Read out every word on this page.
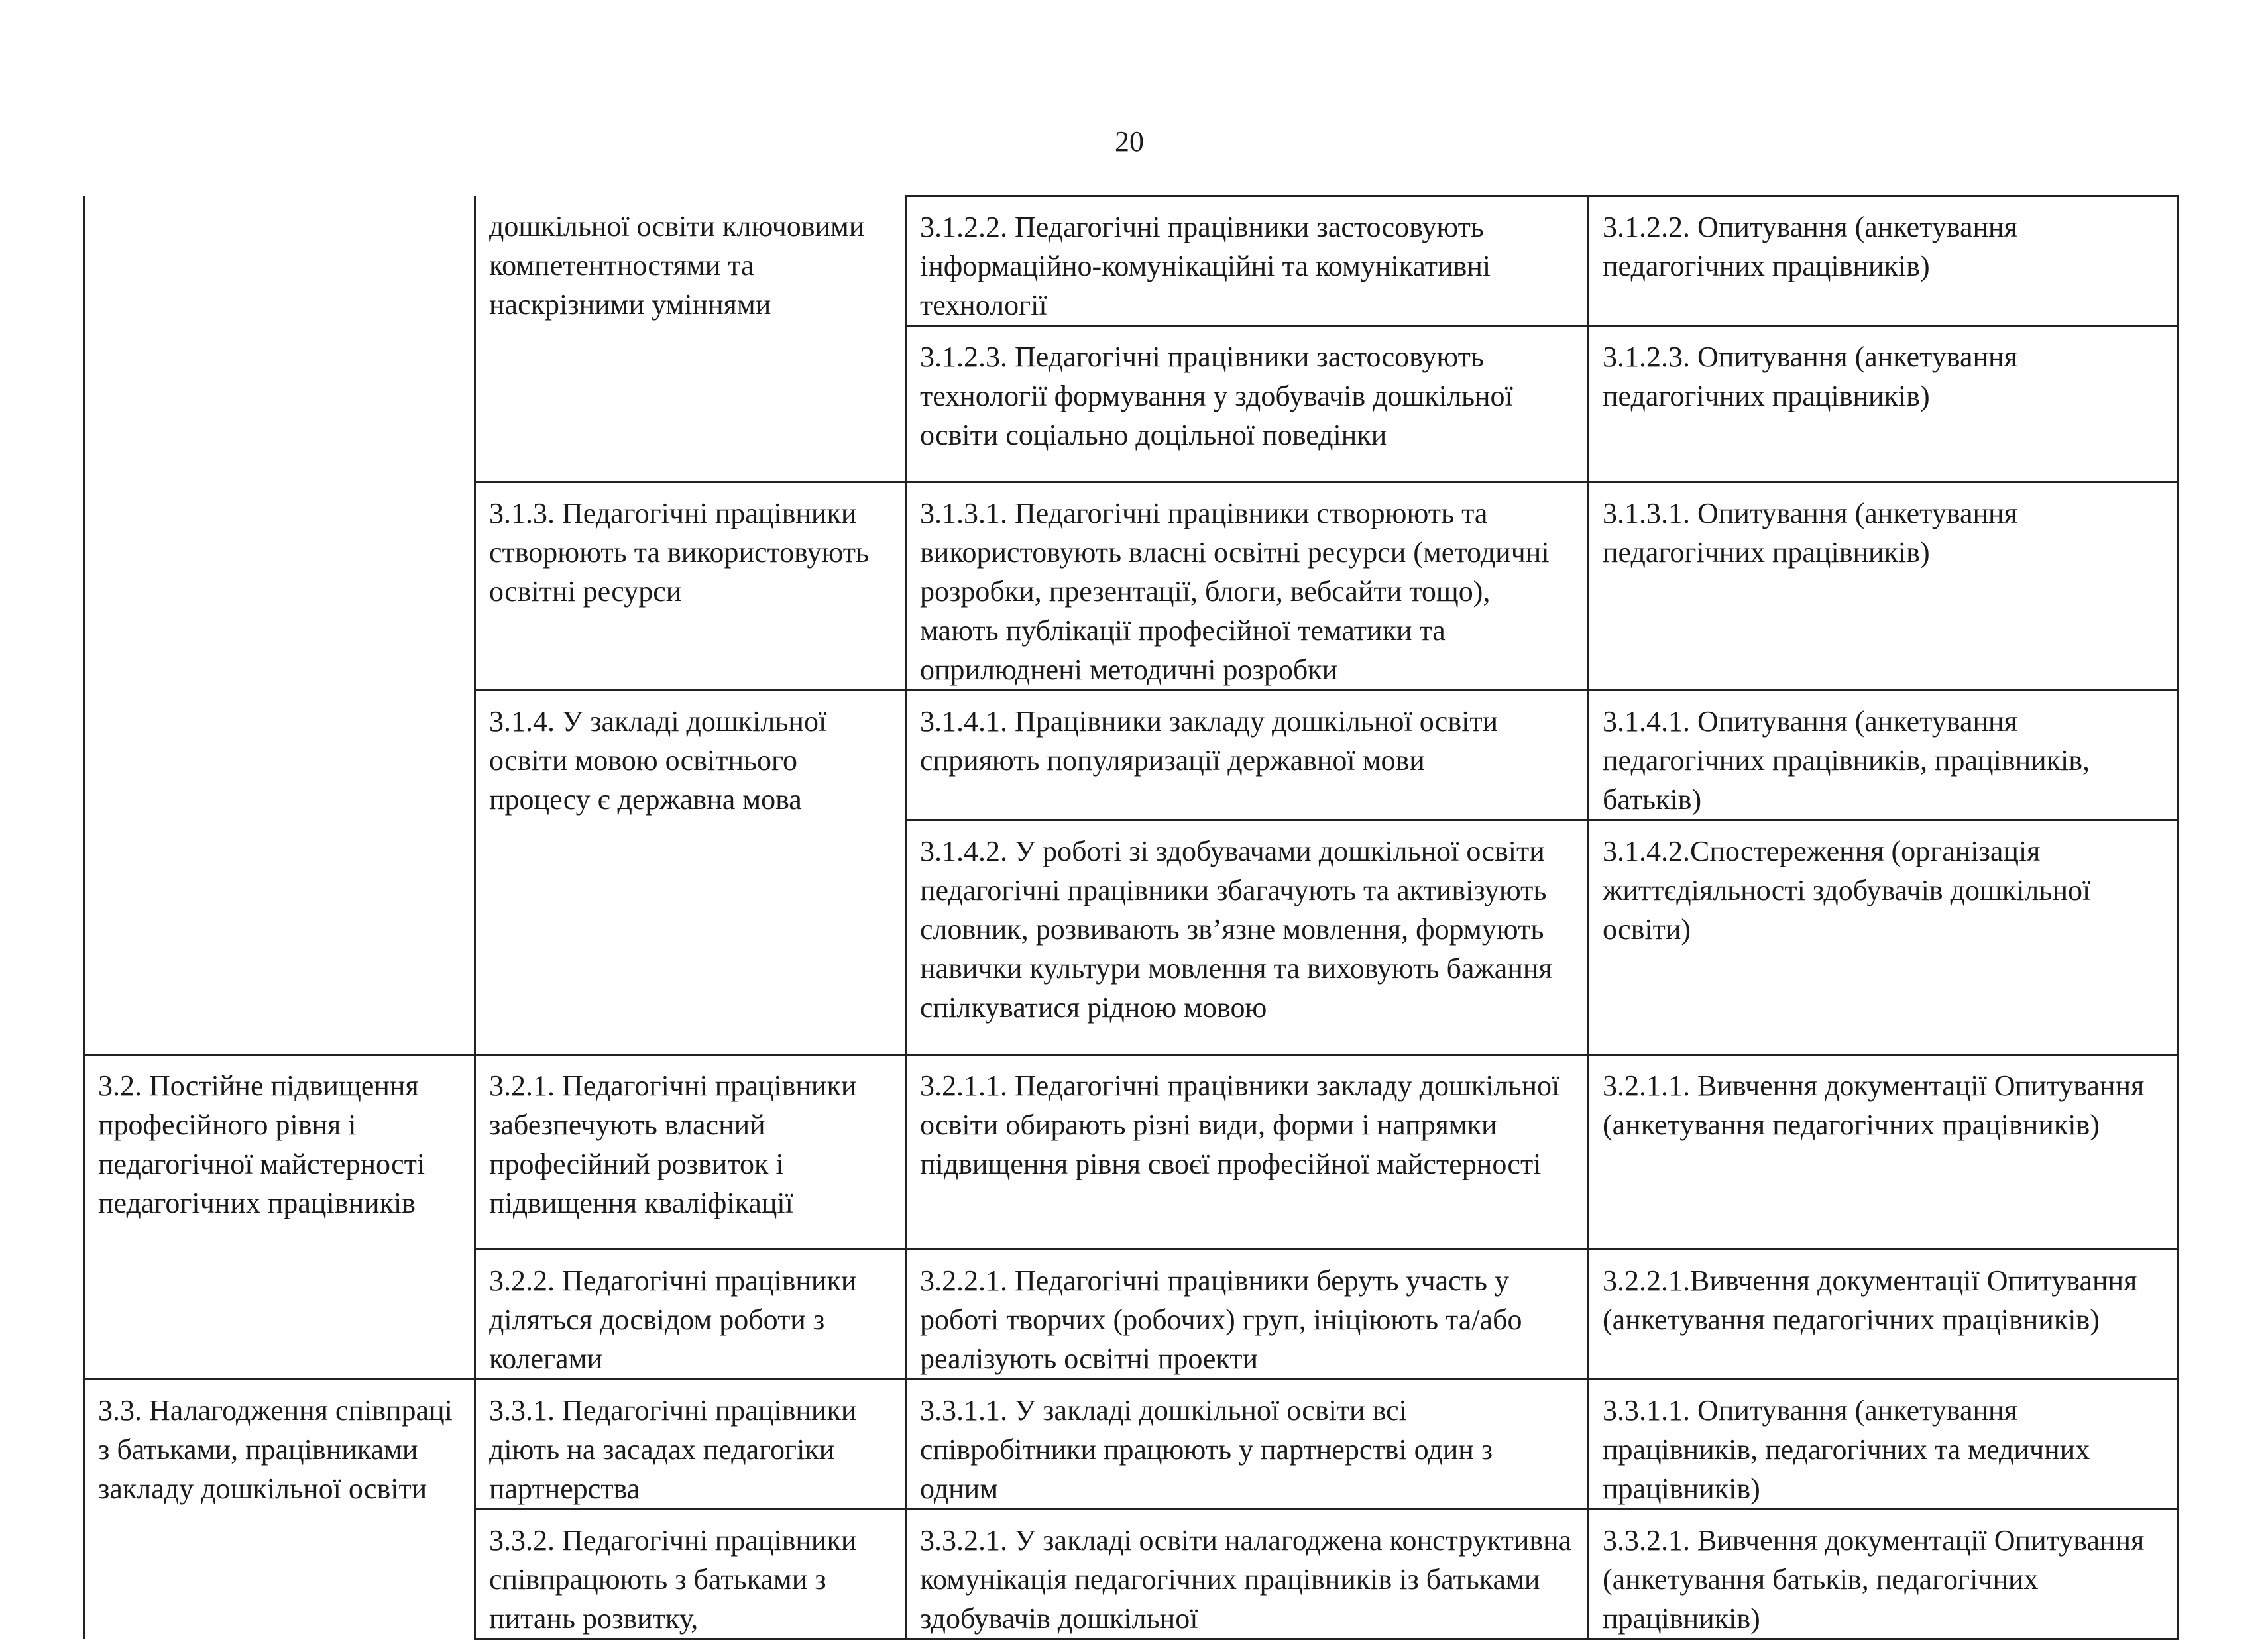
20
	дошкільної освіти ключовими компетентностями та наскрізними уміннями	3.1.2.2. Педагогічні працівники застосовують інформаційно-комунікаційні та комунікативні технології	3.1.2.2. Опитування (анкетування педагогічних працівників)
		3.1.2.3. Педагогічні працівники застосовують технології формування у здобувачів дошкільної освіти соціально доцільної поведінки	3.1.2.3. Опитування (анкетування педагогічних працівників)
	3.1.3. Педагогічні працівники створюють та використовують освітні ресурси	3.1.3.1. Педагогічні працівники створюють та використовують власні освітні ресурси (методичні розробки, презентації, блоги, вебсайти тощо), мають публікації професійної тематики та оприлюднені методичні розробки	3.1.3.1. Опитування (анкетування педагогічних працівників)
	3.1.4. У закладі дошкільної освіти мовою освітнього процесу є державна мова	3.1.4.1. Працівники закладу дошкільної освіти сприяють популяризації державної мови	3.1.4.1. Опитування (анкетування педагогічних працівників, працівників, батьків)
		3.1.4.2. У роботі зі здобувачами дошкільної освіти педагогічні працівники збагачують та активізують словник, розвивають зв’язне мовлення, формують навички культури мовлення та виховують бажання спілкуватися рідною мовою	3.1.4.2.Спостереження (організація життєдіяльності здобувачів дошкільної освіти)
3.2. Постійне підвищення професійного рівня і педагогічної майстерності педагогічних працівників	3.2.1. Педагогічні працівники забезпечують власний професійний розвиток і підвищення кваліфікації	3.2.1.1. Педагогічні працівники закладу дошкільної освіти обирають різні види, форми і напрямки підвищення рівня своєї професійної майстерності	3.2.1.1. Вивчення документації Опитування (анкетування педагогічних працівників)
	3.2.2. Педагогічні працівники діляться досвідом роботи з колегами	3.2.2.1. Педагогічні працівники беруть участь у роботі творчих (робочих) груп, ініціюють та/або реалізують освітні проекти	3.2.2.1.Вивчення документації Опитування (анкетування педагогічних працівників)
3.3. Налагодження співпраці з батьками, працівниками закладу дошкільної освіти	3.3.1. Педагогічні працівники діють на засадах педагогіки партнерства	3.3.1.1. У закладі дошкільної освіти всі співробітники працюють у партнерстві один з одним	3.3.1.1. Опитування (анкетування працівників, педагогічних та медичних працівників)
	3.3.2. Педагогічні працівники співпрацюють з батьками з питань розвитку,	3.3.2.1. У закладі освіти налагоджена конструктивна комунікація педагогічних працівників із батьками здобувачів дошкільної	3.3.2.1. Вивчення документації Опитування (анкетування батьків, педагогічних працівників)
